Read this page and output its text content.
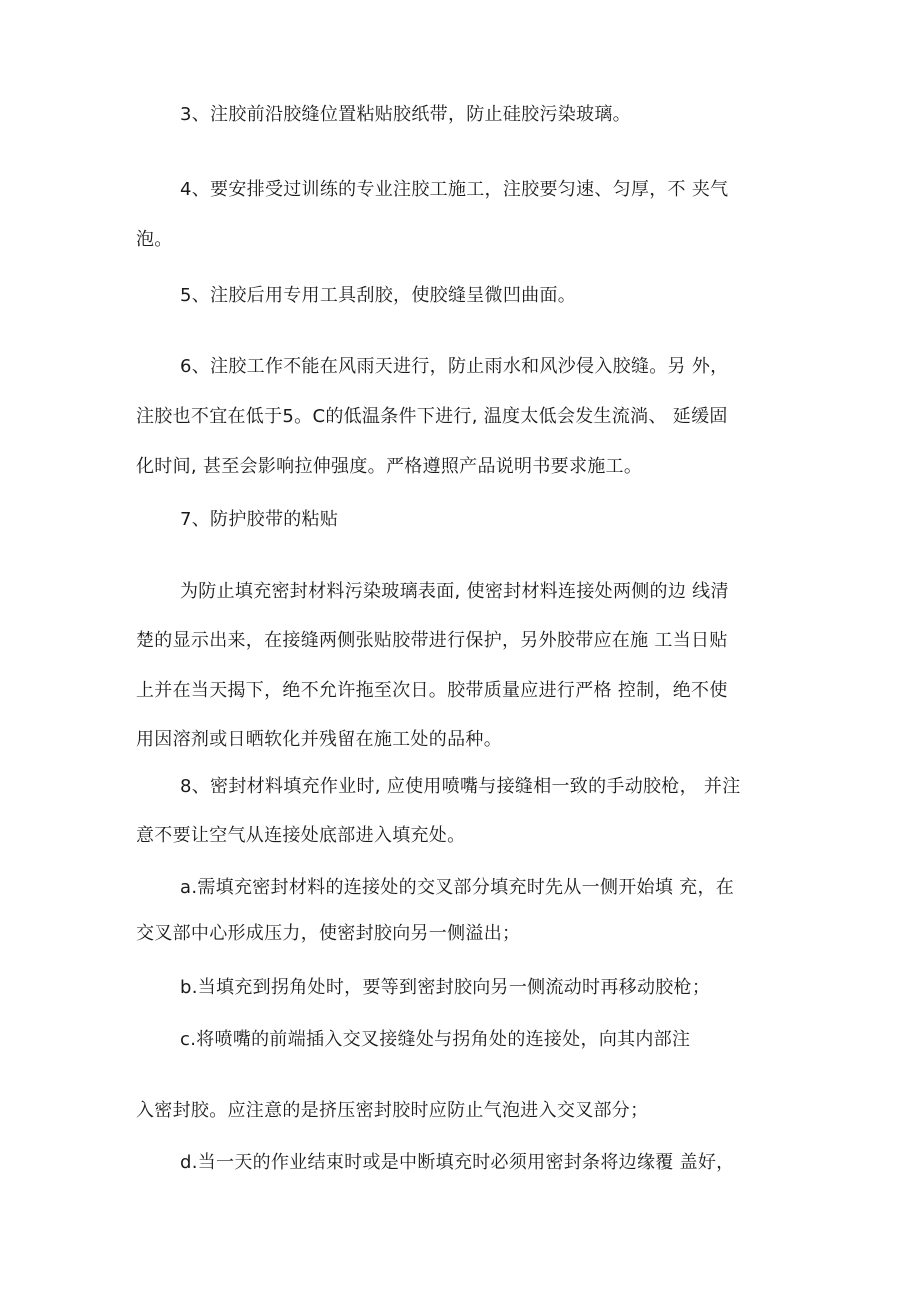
3、注胶前沿胶缝位置粘贴胶纸带，防止硅胶污染玻璃。
4、要安排受过训练的专业注胶工施工，注胶要匀速、匀厚，不 夹气
泡。
5、注胶后用专用工具刮胶，使胶缝呈微凹曲面。
6、注胶工作不能在风雨天进行，防止雨水和风沙侵入胶缝。另 外，
注胶也不宜在低于5。C的低温条件下进行, 温度太低会发生流淌、 延缓固
化时间, 甚至会影响拉伸强度。严格遵照产品说明书要求施工。
7、防护胶带的粘贴
为防止填充密封材料污染玻璃表面, 使密封材料连接处两侧的边 线清
楚的显示出来，在接缝两侧张贴胶带进行保护，另外胶带应在施 工当日贴
上并在当天揭下，绝不允许拖至次日。胶带质量应进行严格 控制，绝不使
用因溶剂或日晒软化并残留在施工处的品种。
8、密封材料填充作业时, 应使用喷嘴与接缝相一致的手动胶枪， 并注
意不要让空气从连接处底部进入填充处。
a.需填充密封材料的连接处的交叉部分填充时先从一侧开始填 充，在
交叉部中心形成压力，使密封胶向另一侧溢出；
b.当填充到拐角处时，要等到密封胶向另一侧流动时再移动胶枪；
c.将喷嘴的前端插入交叉接缝处与拐角处的连接处，向其内部注
入密封胶。应注意的是挤压密封胶时应防止气泡进入交叉部分；
d.当一天的作业结束时或是中断填充时必须用密封条将边缘覆 盖好，
